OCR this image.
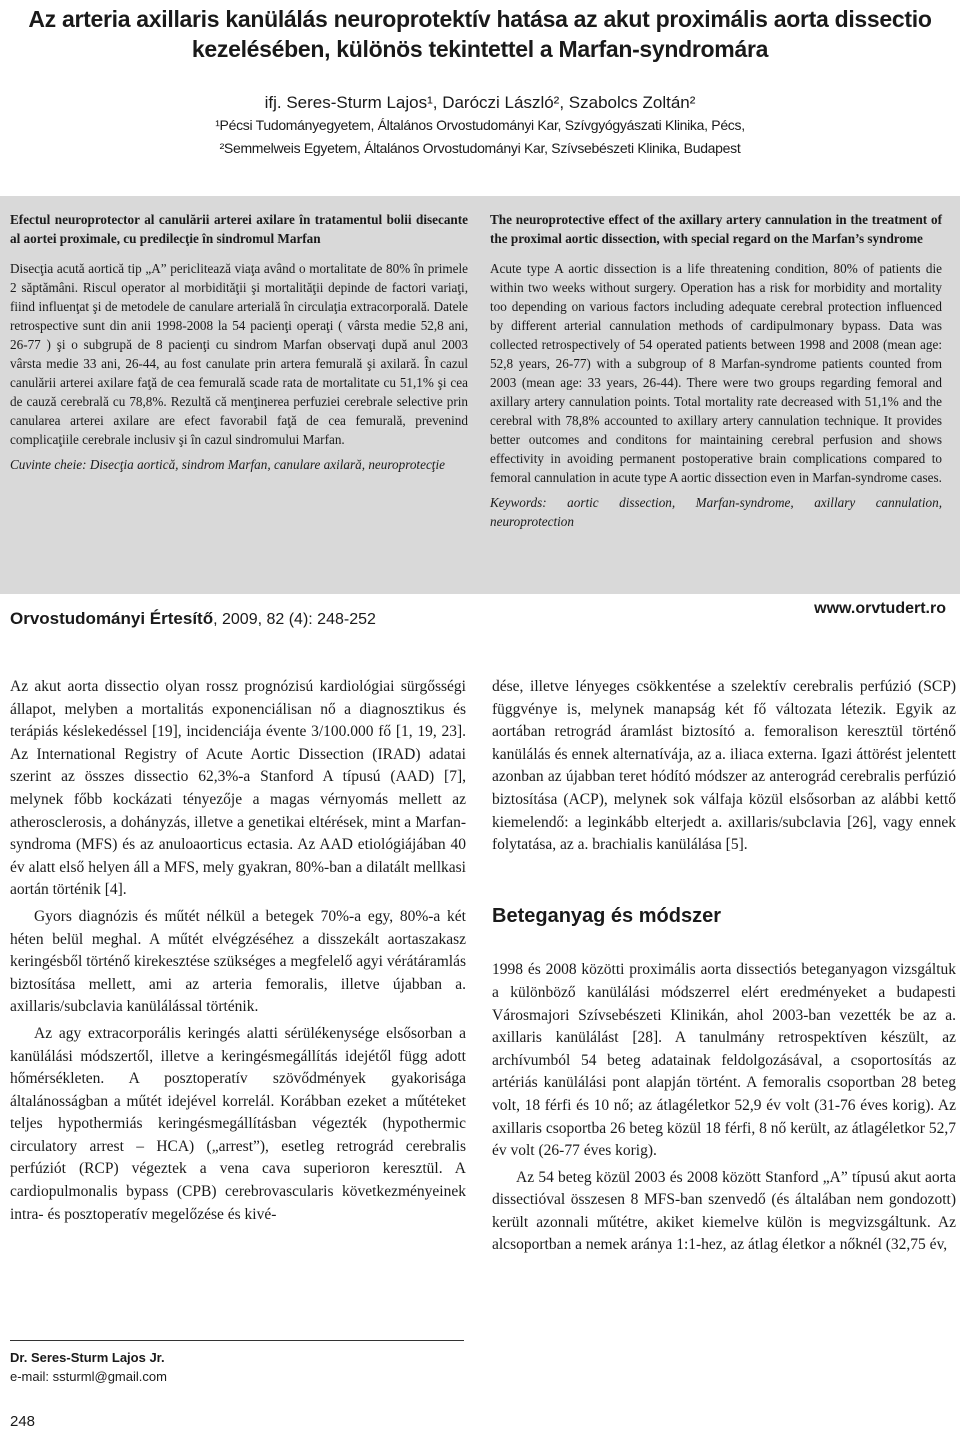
Az arteria axillaris kanülálás neuroprotektív hatása az akut proximális aorta dissectio
kezelésében, különös tekintettel a Marfan-syndromára
ifj. Seres-Sturm Lajos¹, Daróczi László², Szabolcs Zoltán²
¹Pécsi Tudományegyetem, Általános Orvostudományi Kar, Szívgyógyászati Klinika, Pécs,
²Semmelweis Egyetem, Általános Orvostudományi Kar, Szívsebészeti Klinika, Budapest

Efectul neuroprotector al canulării arterei axilare în tratamentul bolii disecante al aortei proximale, cu predilecţie în sindromul Marfan

Disecţia acută aortică tip „A” periclitează viaţa având o mortalitate de 80% în primele 2 săptămâni. Riscul operator al morbidităţii şi mortalităţii depinde de factori variaţi, fiind influenţat şi de metodele de canulare arterială în circulaţia extracorporală. Datele retrospective sunt din anii 1998-2008 la 54 pacienţi operaţi ( vârsta medie 52,8 ani, 26-77 ) şi o subgrupă de 8 pacienţi cu sindrom Marfan observaţi după anul 2003 vârsta medie 33 ani, 26-44, au fost canulate prin artera femurală şi axilară. În cazul canulării arterei axilare faţă de cea femurală scade rata de mortalitate cu 51,1% şi cea de cauză cerebrală cu 78,8%. Rezultă că menţinerea perfuziei cerebrale selective prin canularea arterei axilare are efect favorabil faţă de cea femurală, prevenind complicaţiile cerebrale inclusiv şi în cazul sindromului Marfan.

Cuvinte cheie: Disecţia aortică, sindrom Marfan, canulare axilară, neuroprotecţie

The neuroprotective effect of the axillary artery cannulation in the treatment of the proximal aortic dissection, with special regard on the Marfan’s syndrome

Acute type A aortic dissection is a life threatening condition, 80% of patients die within two weeks without surgery. Operation has a risk for morbidity and mortality too depending on various factors including adequate cerebral protection influenced by different arterial cannulation methods of cardipulmonary bypass. Data was collected retrospectively of 54 operated patients between 1998 and 2008 (mean age: 52,8 years, 26-77) with a subgroup of 8 Marfan-syndrome patients counted from 2003 (mean age: 33 years, 26-44). There were two groups regarding femoral and axillary artery cannulation points. Total mortality rate decreased with 51,1% and the cerebral with 78,8% accounted to axillary artery cannulation technique. It provides better outcomes and conditons for maintaining cerebral perfusion and shows effectivity in avoiding permanent postoperative brain complications compared to femoral cannulation in acute type A aortic dissection even in Marfan-syndrome cases.

Keywords: aortic dissection, Marfan-syndrome, axillary cannulation, neuroprotection

Orvostudományi Értesítő, 2009, 82 (4): 248-252
www.orvtudert.ro

Az akut aorta dissectio olyan rossz prognózisú kardiológiai sürgősségi állapot, melyben a mortalitás exponenciálisan nő a diagnosztikus és terápiás késlekedéssel [19], incidenciája évente 3/100.000 fő [1, 19, 23]. Az International Registry of Acute Aortic Dissection (IRAD) adatai szerint az összes dissectio 62,3%-a Stanford A típusú (AAD) [7], melynek főbb kockázati tényezője a magas vérnyomás mellett az atherosclerosis, a dohányzás, illetve a genetikai eltérések, mint a Marfan-syndroma (MFS) és az anuloaorticus ectasia. Az AAD etiológiájában 40 év alatt első helyen áll a MFS, mely gyakran, 80%-ban a dilatált mellkasi aortán történik [4].

Gyors diagnózis és műtét nélkül a betegek 70%-a egy, 80%-a két héten belül meghal. A műtét elvégzéséhez a disszekált aortaszakasz keringésből történő kirekesztése szükséges a megfelelő agyi vérátáramlás biztosítása mellett, ami az arteria femoralis, illetve újabban a. axillaris/subclavia kanülálással történik.

Az agy extracorporális keringés alatti sérülékenysége elsősorban a kanülálási módszertől, illetve a keringésmegállítás idejétől függ adott hőmérsékleten. A posztoperatív szövődmények gyakorisága általánosságban a műtét idejével korrelál. Korábban ezeket a műtéteket teljes hypothermiás keringésmegállításban végezték (hypothermic circulatory arrest – HCA) („arrest”), esetleg retrográd cerebralis perfúziót (RCP) végeztek a vena cava superioron keresztül. A cardiopulmonalis bypass (CPB) cerebrovascularis következményeinek intra- és posztoperatív megelőzése és kivé-

dése, illetve lényeges csökkentése a szelektív cerebralis perfúzió (SCP) függvénye is, melynek manapság két fő változata létezik. Egyik az aortában retrográd áramlást biztosító a. femoralison keresztül történő kanülálás és ennek alternatívája, az a. iliaca externa. Igazi áttörést jelentett azonban az újabban teret hódító módszer az anterográd cerebralis perfúzió biztosítása (ACP), melynek sok válfaja közül elsősorban az alábbi kettő kiemelendő: a leginkább elterjedt a. axillaris/subclavia [26], vagy ennek folytatása, az a. brachialis kanülálása [5].

Beteganyag és módszer

1998 és 2008 közötti proximális aorta dissectiós beteganyagon vizsgáltuk a különböző kanülálási módszerrel elért eredményeket a budapesti Városmajori Szívsebészeti Klinikán, ahol 2003-ban vezették be az a. axillaris kanülálást [28]. A tanulmány retrospektíven készült, az archívumból 54 beteg adatainak feldolgozásával, a csoportosítás az artériás kanülálási pont alapján történt. A femoralis csoportban 28 beteg volt, 18 férfi és 10 nő; az átlagéletkor 52,9 év volt (31-76 éves korig). Az axillaris csoportba 26 beteg közül 18 férfi, 8 nő került, az átlagéletkor 52,7 év volt (26-77 éves korig).

Az 54 beteg közül 2003 és 2008 között Stanford „A” típusú akut aorta dissectióval összesen 8 MFS-ban szenvedő (és általában nem gondozott) került azonnali műtétre, akiket kiemelve külön is megvizsgáltunk. Az alcsoportban a nemek aránya 1:1-hez, az átlag életkor a nőknél (32,75 év,

Dr. Seres-Sturm Lajos Jr.
e-mail: ssturml@gmail.com
248
